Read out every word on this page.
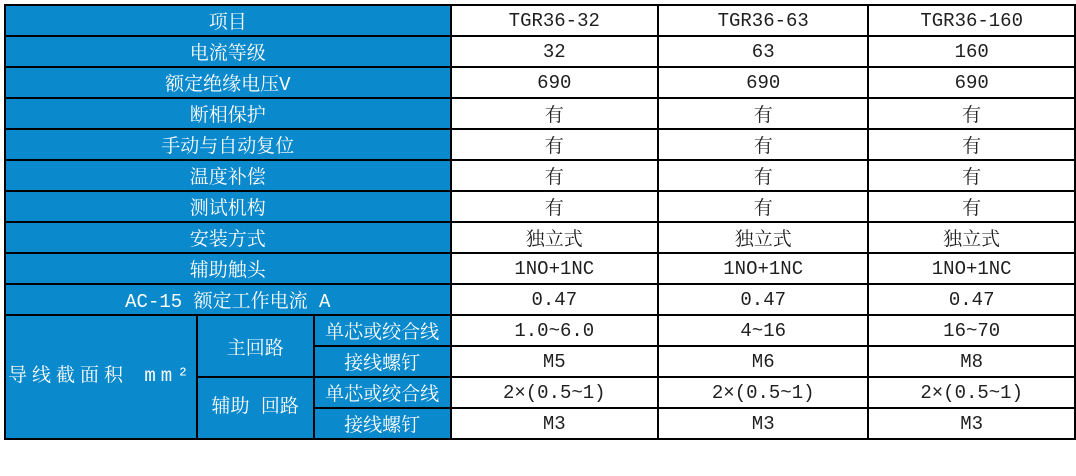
项目			TGR36-32	TGR36-63	TGR36-160
电流等级			32	63	160
额定绝缘电压V			690	690	690
断相保护			有	有	有
手动与自动复位			有	有	有
温度补偿			有	有	有
测试机构			有	有	有
安装方式			独立式	独立式	独立式
辅助触头			1NO+1NC	1NO+1NC	1NO+1NC
AC-15 额定工作电流 A			0.47	0.47	0.47
导线截面积 mm²	主回路	单芯或绞合线	1.0~6.0	4~16	16~70
		接线螺钉	M5	M6	M8
	辅助 回路	单芯或绞合线	2×(0.5~1)	2×(0.5~1)	2×(0.5~1)
		接线螺钉	M3	M3	M3
